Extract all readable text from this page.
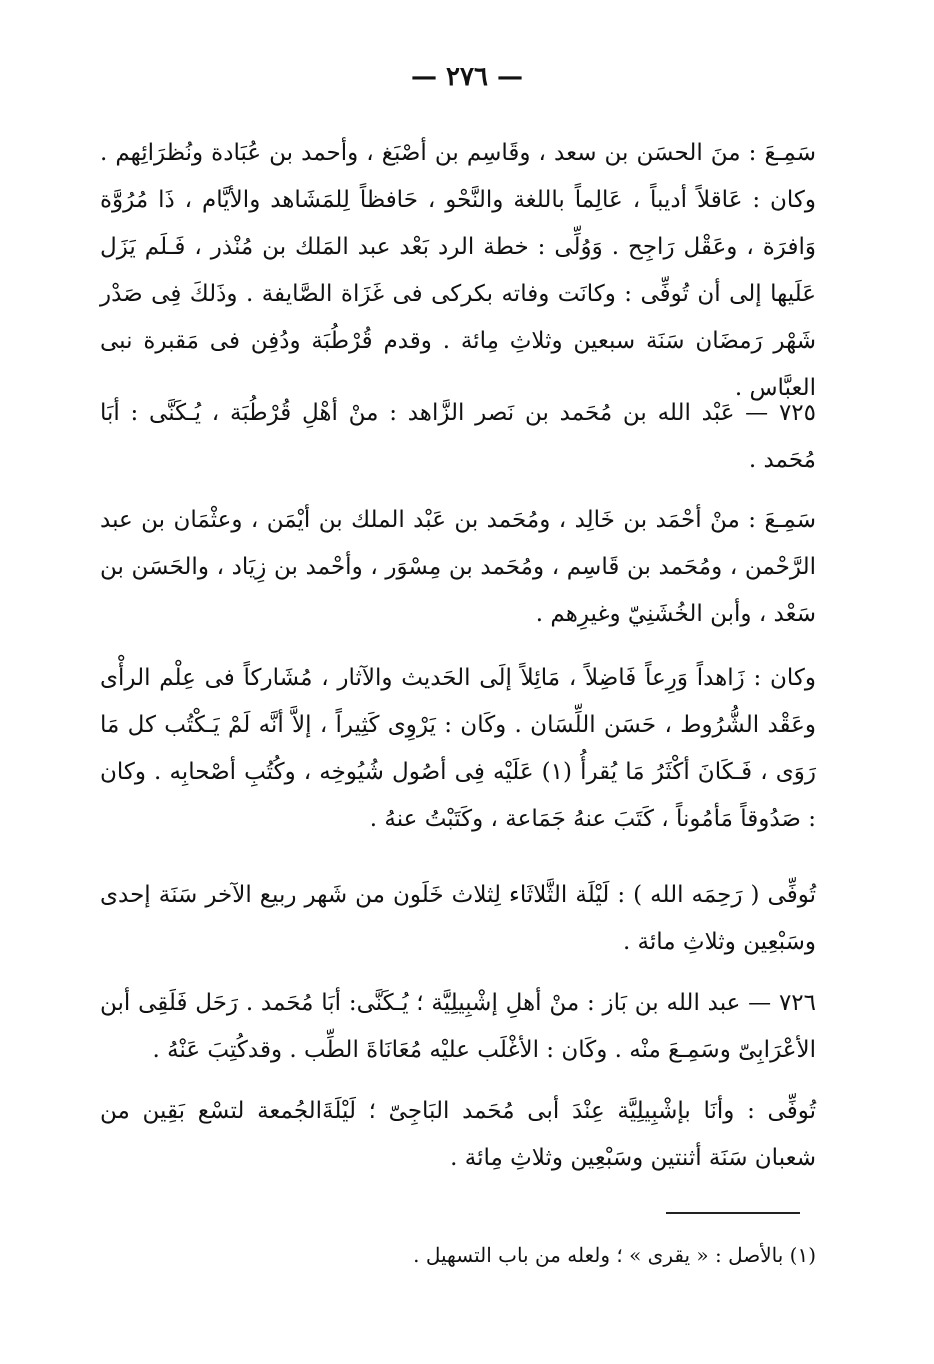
— ٢٧٦ —

سَمِـعَ : منَ الحسَن بن سعد ، وقَاسِم بن أصْبَغ ، وأحمد بن عُبَادة ونُظرَائِهم . وكان : عَاقلاً أديباً ، عَالِماً باللغة والنَّحْو ، حَافظاً لِلمَشَاهد والأيَّام ، ذَا مُرُوَّة وَافرَة ، وعَقْل رَاجِح . وَوُلِّى : خطة الرد بَعْد عبد المَلك بن مُنْذر ، فَـلَم يَزَل عَلَيها إلى أن تُوفِّى : وكانَت وفاته بكركى فى غَزَاة الصَّايفة . وذَلكَ فِى صَدْر شَهْر رَمضَان سَنَة سبعين وثلاثِ مِائة . وقدم قُرْطُبَة ودُفِن فى مَقبرة نبى العبَّاس .

٧٢٥ — عَبْد الله بن مُحَمد بن نَصر الزَّاهد : منْ أهْلِ قُرْطُبَة ، يُـكَنَّى : أبَا مُحَمد .

سَمِـعَ : منْ أحْمَد بن خَالِد ، ومُحَمد بن عَبْد الملك بن أيْمَن ، وعثْمَان بن عبد الرَّحْمن ، ومُحَمد بن قَاسِم ، ومُحَمد بن مِسْوَر ، وأحْمد بن زِيَاد ، والحَسَن بن سَعْد ، وأبن الخُشَنِيّ وغيرِهم .

وكان : زَاهداً وَرِعاً فَاضِلاً ، مَائِلاً إلَى الحَديث والآثار ، مُشَاركاً فى عِلْم الرأْى وعَقْد الشُّرُوط ، حَسَن اللِّسَان . وكَان : يَرْوِى كَثِيراً ، إلاَّ أنَّه لَمْ يَـكْتُب كل مَا رَوَى ، فَـكَانَ أكْثَرُ مَا يُقرأُ (١) عَلَيْه فِى أصُول شُيُوخِه ، وكُتُبِ أصْحابِه . وكان : صَدُوقاً مَأمُوناً ، كَتَبَ عنهُ جَمَاعة ، وكَتَبْتُ عنهُ .

تُوفِّى ( رَحِمَه الله ) : لَيْلَة الثَّلاثَاء لِثلاث خَلَون من شَهر ربيع الآخر سَنَة إحدى وسَبْعِين وثلاثِ مائة .

٧٢٦ — عبد الله بن بَاز : منْ أهلِ إشْبِيلِيَّة ؛ يُـكَنَّى: أبَا مُحَمد . رَحَل فَلَقِى أبن الأعْرَابِىّ وسَمِـعَ منْه . وكَان : الأغْلَب عليْه مُعَانَاةَ الطِّب . وقدكُتِبَ عَنْهُ .

تُوفِّى : وأنَا بإشْبِيلِيَّة عِنْدَ أبى مُحَمد البَاجِىّ ؛ لَيْلَةَالجُمعة لتسْع بَقِين من شعبان سَنَة أثنتين وسَبْعِين وثلاثِ مِائة .

(١) بالأصل : « يقرى » ؛ ولعله من باب التسهيل .
